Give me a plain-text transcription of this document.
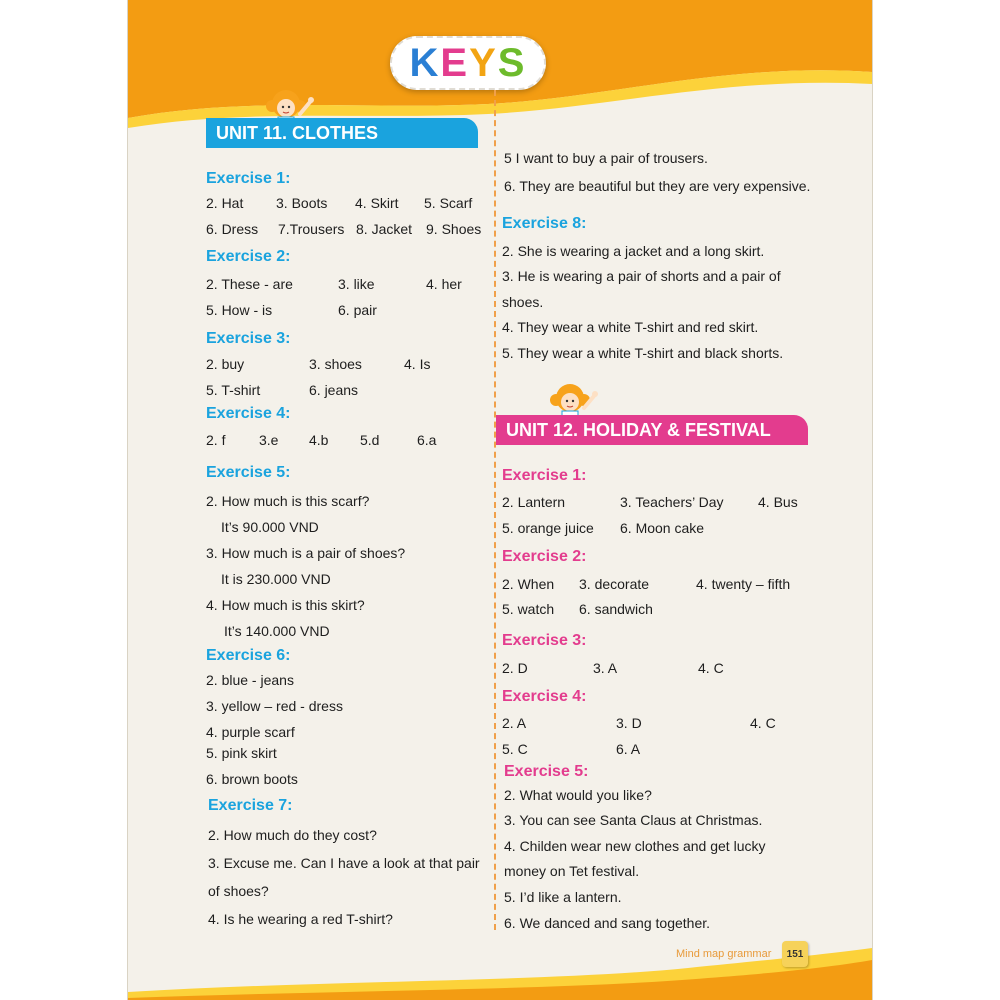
K E Y S
UNIT 11. CLOTHES
Exercise 1:
2. Hat 3. Boots 4. Skirt 5. Scarf
6. Dress 7.Trousers 8. Jacket 9. Shoes
Exercise 2:
2. These - are	3. like	4. her
5. How - is	6. pair
Exercise 3:
2. buy	3. shoes	4. Is
5. T-shirt	6. jeans
Exercise 4:
2. f 3.e 4.b 5.d	6.a
Exercise 5:
2. How much is this scarf?
It’s 90.000 VND
3. How much is a pair of shoes?
It is 230.000 VND
4. How much is this skirt?
It’s 140.000 VND
Exercise 6:
2. blue - jeans
3. yellow – red - dress
4. purple scarf
5. pink skirt
6. brown boots
Exercise 7:
2. How much do they cost?
3. Excuse me. Can I have a look at that pair
of shoes?
4. Is he wearing a red T-shirt?
5 I want to buy a pair of trousers.
6. They are beautiful but they are very expensive.
Exercise 8:
2. She is wearing a jacket and a long skirt.
3. He is wearing a pair of shorts and a pair of
shoes.
4. They wear a white T-shirt and red skirt.
5. They wear a white T-shirt and black shorts.
UNIT 12. HOLIDAY & FESTIVAL
Exercise 1:
2. Lantern	3. Teachers’ Day 4. Bus
5. orange juice 6. Moon cake
Exercise 2:
2. When 3. decorate	4. twenty – fifth
5. watch 6. sandwich
Exercise 3:
2. D	3. A	4. C
Exercise 4:
2. A	3. D	4. C
5. C	6. A
Exercise 5:
2. What would you like?
3. You can see Santa Claus at Christmas.
4. Childen wear new clothes and get lucky
money on Tet festival.
5. I’d like a lantern.
6. We danced and sang together.
Mind map grammar	151
